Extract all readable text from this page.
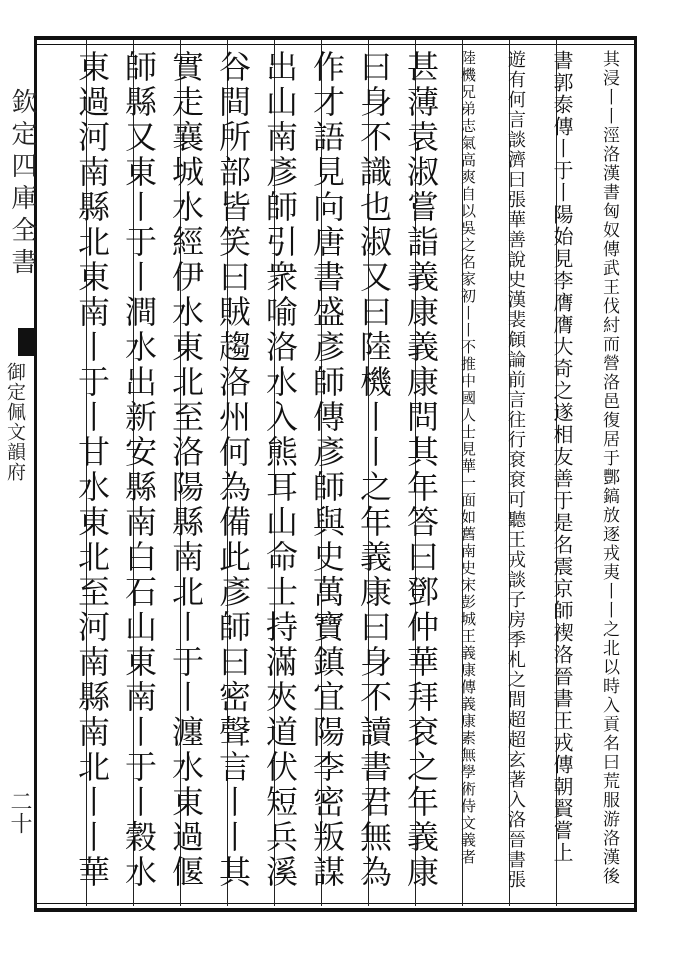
欽定四庫全書
御定佩文韻府
二十	其浸丨丨涇洛漢書匈奴傳武王伐紂而營洛邑復居于酆鎬放逐戎夷丨丨之北以時入貢名曰荒服游洛漢後
書郭泰傳丨于丨陽始見李膺膺大奇之遂相友善于是名震京師禊洛晉書王戎傳朝賢嘗上
遊有何言談濟曰張華善說史漢裴頠論前言往行袞袞可聽王戎談子房季札之間超超玄著入洛晉書張
陸機兄弟志氣高爽自以吳之名家初丨丨不推中國人士見華一面如舊南史宋彭城王義康傳義康素無學術侍文義者
甚薄袁淑嘗詣義康義康問其年答曰鄧仲華拜袞之年義康
曰身不識也淑又曰陸機丨丨之年義康曰身不讀書君無為
作才語見向唐書盛彥師傳彥師與史萬寶鎮宜陽李密叛謀
出山南彥師引衆喻洛水入熊耳山命士持滿夾道伏短兵溪
谷間所部皆笑曰賊趨洛州何為備此彥師曰密聲言丨丨其
實走襄城水經伊水東北至洛陽縣南北丨于丨瀍水東過偃
師縣又東丨于丨澗水出新安縣南白石山東南丨于丨穀水
東過河南縣北東南丨于丨甘水東北至河南縣南北丨丨華
